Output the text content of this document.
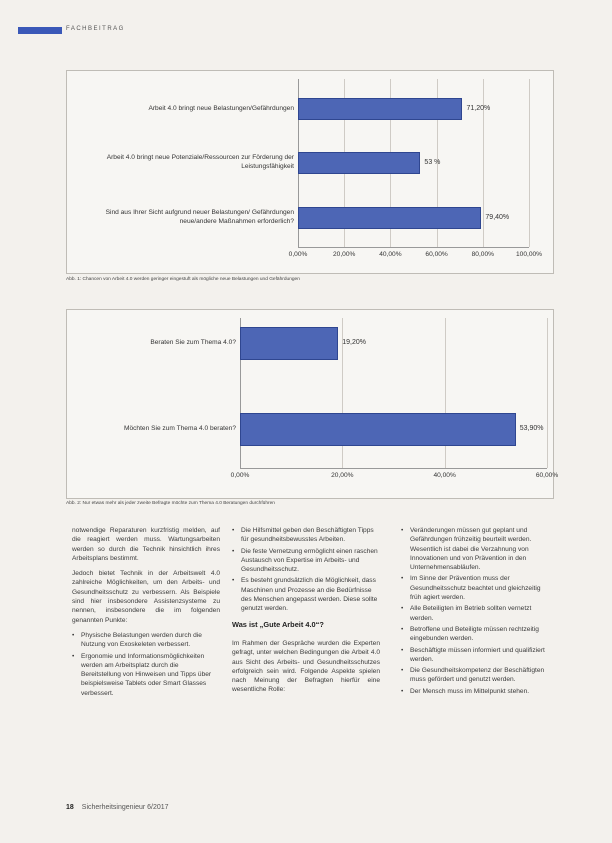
FACHBEITRAG
0,00%	20,00%	40,00%	60,00%	80,00%	100,00%
71,20%
Arbeit 4.0 bringt neue Belastungen/Gefährdungen
53 %
Arbeit 4.0 bringt neue Potenziale/Ressourcen zur Förderung der Leistungsfähigkeit
79,40%
Sind aus Ihrer Sicht aufgrund neuer Belastungen/ Gefährdungen neue/andere Maßnahmen erforderlich?
Abb. 1: Chancen von Arbeit 4.0 werden geringer eingestuft als mögliche neue Belastungen und Gefährdungen
0,00%	20,00%	40,00%	60,00%
19,20%
Beraten Sie zum Thema 4.0?
53,90%
Möchten Sie zum Thema 4.0 beraten?
Abb. 2: Nur etwas mehr als jeder zweite Befragte möchte zum Thema 4.0 Beratungen durchführen

notwendige Reparaturen kurzfristig melden, auf die reagiert werden muss. Wartungsarbeiten werden so durch die Technik hinsichtlich ihres Arbeitsplans bestimmt.

Jedoch bietet Technik in der Arbeitswelt 4.0 zahlreiche Möglichkeiten, um den Arbeits- und Gesundheitsschutz zu verbessern. Als Beispiele sind hier insbesondere Assistenzsysteme zu nennen, insbesondere die im folgenden genannten Punkte:

• Physische Belastungen werden durch die Nutzung von Exoskeleten verbessert.
• Ergonomie und Informationsmöglichkeiten werden am Arbeitsplatz durch die Bereitstellung von Hinweisen und Tipps über beispielsweise Tablets oder Smart Glasses verbessert.
• Die Hilfsmittel geben den Beschäftigten Tipps für gesundheitsbewusstes Arbeiten.
• Die feste Vernetzung ermöglicht einen raschen Austausch von Expertise im Arbeits- und Gesundheitsschutz.
• Es besteht grundsätzlich die Möglichkeit, dass Maschinen und Prozesse an die Bedürfnisse des Menschen angepasst werden. Diese sollte genutzt werden.
Was ist „Gute Arbeit 4.0“?

Im Rahmen der Gespräche wurden die Experten gefragt, unter welchen Bedingungen die Arbeit 4.0 aus Sicht des Arbeits- und Gesundheitsschutzes erfolgreich sein wird. Folgende Aspekte spielen nach Meinung der Befragten hierfür eine wesentliche Rolle:

• Veränderungen müssen gut geplant und Gefährdungen frühzeitig beurteilt werden. Wesentlich ist dabei die Verzahnung von Innovationen und von Prävention in den Unternehmensabläufen.
• Im Sinne der Prävention muss der Gesundheitsschutz beachtet und gleichzeitig früh agiert werden.
• Alle Beteiligten im Betrieb sollten vernetzt werden.
• Betroffene und Beteiligte müssen rechtzeitig eingebunden werden.
• Beschäftigte müssen informiert und qualifiziert werden.
• Die Gesundheitskompetenz der Beschäftigten muss gefördert und genutzt werden.
• Der Mensch muss im Mittelpunkt stehen.
18 Sicherheitsingenieur 6/2017
